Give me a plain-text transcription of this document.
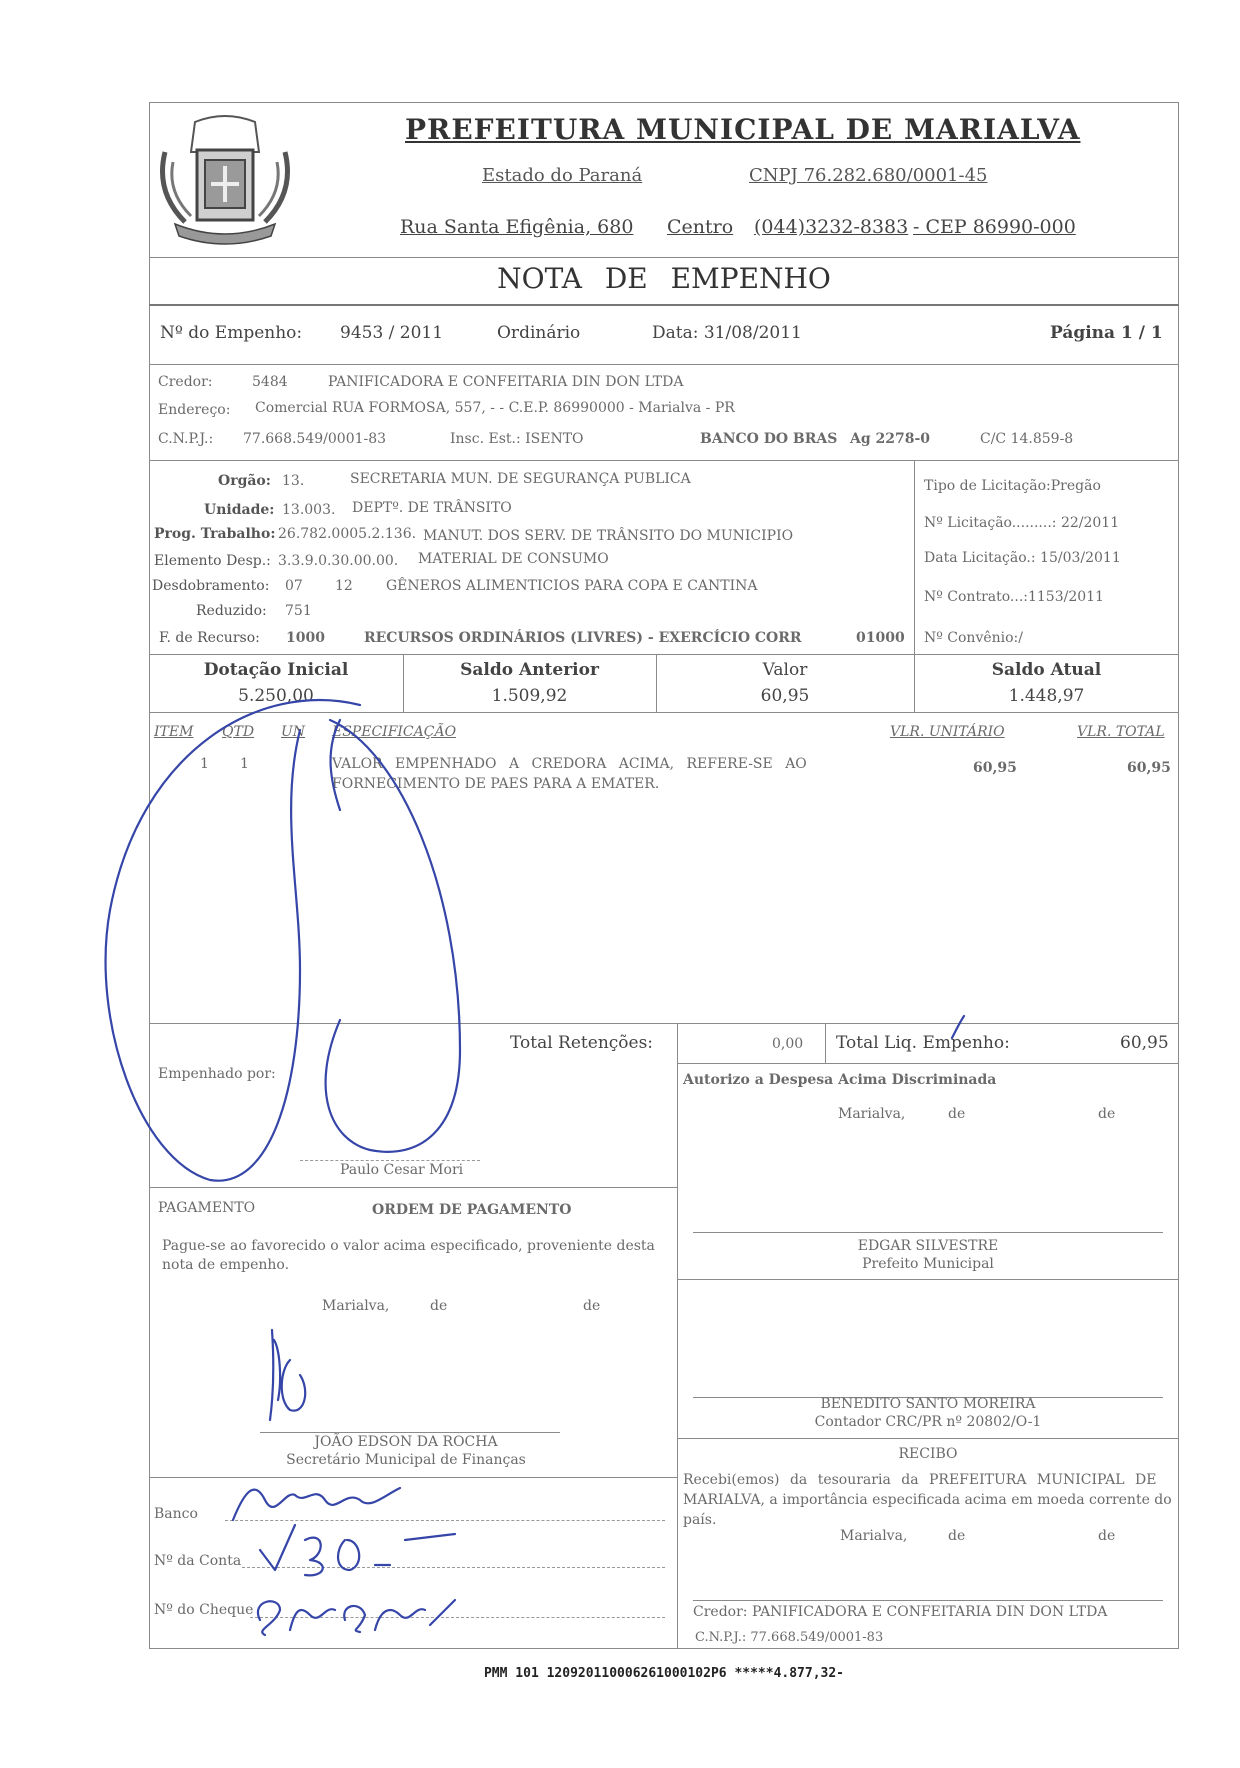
PREFEITURA MUNICIPAL DE MARIALVA
Estado do Paraná	CNPJ 76.282.680/0001-45
Rua Santa Efigênia, 680 Centro (044)3232-8383 - CEP 86990-000
NOTA DE EMPENHO
Nº do Empenho: 9453 / 2011	Ordinário	Data: 31/08/2011	Página 1 / 1
Credor:	5484	PANIFICADORA E CONFEITARIA DIN DON LTDA
Endereço: Comercial RUA FORMOSA, 557, - - C.E.P. 86990000 - Marialva - PR
C.N.P.J.: 77.668.549/0001-83	Insc. Est.: ISENTO	BANCO DO BRAS Ag 2278-0	C/C 14.859-8
Orgão: 13.	SECRETARIA MUN. DE SEGURANÇA PUBLICA
Unidade: 13.003. DEPTº. DE TRÂNSITO
Prog. Trabalho: 26.782.0005.2.136. MANUT. DOS SERV. DE TRÂNSITO DO MUNICIPIO
Elemento Desp.: 3.3.9.0.30.00.00. MATERIAL DE CONSUMO
Desdobramento: 07 12 GÊNEROS ALIMENTICIOS PARA COPA E CANTINA
Reduzido: 751
F. de Recurso: 1000	RECURSOS ORDINÁRIOS (LIVRES) - EXERCÍCIO CORR	01000
Tipo de Licitação:Pregão
Nº Licitação.........: 22/2011
Data Licitação.: 15/03/2011
Nº Contrato...:1153/2011
Nº Convênio:/
Dotação Inicial
5.250,00
Saldo Anterior
1.509,92
Valor
60,95
Saldo Atual
1.448,97
ITEM QTD UN ESPECIFICAÇÃO	VLR. UNITÁRIO	VLR. TOTAL
1 1	VALOR EMPENHADO A CREDORA ACIMA, REFERE-SE AO
FORNECIMENTO DE PAES PARA A EMATER.
60,95	60,95
Total Retenções:	0,00 Total Liq. Empenho:	60,95
Empenhado por:
Paulo Cesar Mori
Autorizo a Despesa Acima Discriminada
Marialva,	de	de
EDGAR SILVESTRE
Prefeito Municipal
PAGAMENTO	ORDEM DE PAGAMENTO
Pague-se ao favorecido o valor acima especificado, proveniente desta
nota de empenho.
Marialva,	de	de
JOÃO EDSON DA ROCHA
Secretário Municipal de Finanças
BENEDITO SANTO MOREIRA
Contador CRC/PR nº 20802/O-1
RECIBO
Recebi(emos) da tesouraria da PREFEITURA MUNICIPAL DE
MARIALVA, a importância especificada acima em moeda corrente do
país.
Marialva,	de	de
Credor: PANIFICADORA E CONFEITARIA DIN DON LTDA
C.N.P.J.: 77.668.549/0001-83
Banco
Nº da Conta
Nº do Cheque
PMM 101 120920110006261000102P6 *****4.877,32-
